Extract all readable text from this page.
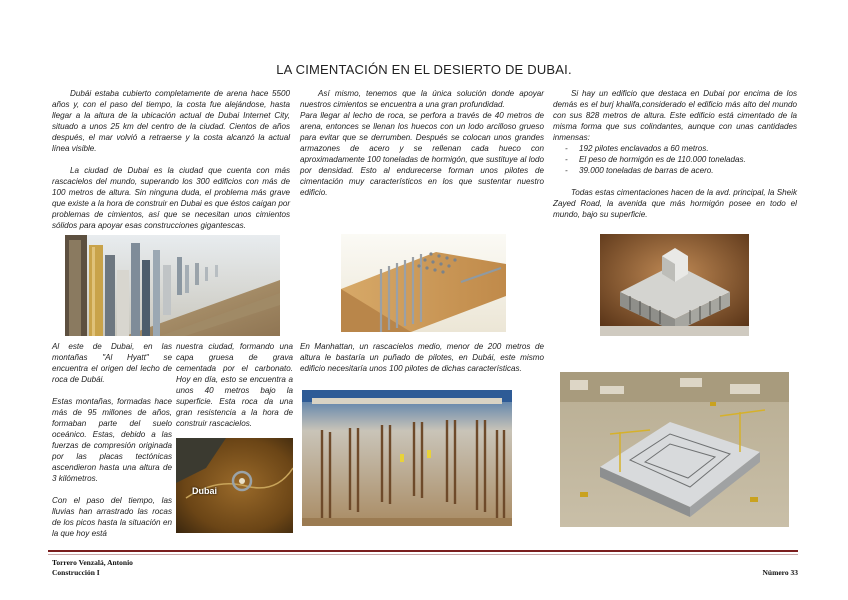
LA CIMENTACIÓN EN EL DESIERTO DE DUBAI.

Dubái estaba cubierto completamente de arena hace 5500 años y, con el paso del tiempo, la costa fue alejándose, hasta llegar a la altura de la ubicación actual de Dubai Internet City, situado a unos 25 km del centro de la ciudad. Cientos de años después, el mar volvió a retraerse y la costa alcanzó la actual línea visible.

La ciudad de Dubai es la ciudad que cuenta con más rascacielos del mundo, superando los 300 edificios con más de 100 metros de altura. Sin ninguna duda, el problema más grave que existe a la hora de construir en Dubai es que éstos caigan por problemas de cimientos, así que se necesitan unos cimientos sólidos para apoyar esas construcciones gigantescas.

Así mismo, tenemos que la única solución donde apoyar nuestros cimientos se encuentra a una gran profundidad.

Para llegar al lecho de roca, se perfora a través de 40 metros de arena, entonces se llenan los huecos con un lodo arcilloso grueso para evitar que se derrumben. Después se colocan unos grandes armazones de acero y se rellenan cada hueco con aproximadamente 100 toneladas de hormigón, que sustituye al lodo por densidad. Esto al endurecerse forman unos pilotes de cimentación muy característicos en los que sustentar nuestro edificio.

Si hay un edificio que destaca en Dubai por encima de los demás es el burj khalifa,considerado el edificio más alto del mundo con sus 828 metros de altura. Este edificio está cimentado de la misma forma que sus colindantes, aunque con unas cantidades inmensas:

- 192 pilotes enclavados a 60 metros.
- El peso de hormigón es de 110.000 toneladas.
- 39.000 toneladas de barras de acero.

Todas estas cimentaciones hacen de la avd. principal, la Sheik Zayed Road, la avenida que más hormigón posee en todo el mundo, bajo su superficie.

Al este de Dubai, en las montañas "Al Hyatt" se encuentra el origen del lecho de roca de Dubái.

Estas montañas, formadas hace más de 95 millones de años, formaban parte del suelo oceánico. Estas, debido a las fuerzas de compresión originada por las placas tectónicas ascendieron hasta una altura de 3 kilómetros.

Con el paso del tiempo, las lluvias han arrastrado las rocas de los picos hasta la situación en la que hoy está

nuestra ciudad, formando una capa gruesa de grava cementada por el carbonato. Hoy en día, esto se encuentra a unos 40 metros bajo la superficie. Esta roca da una gran resistencia a la hora de construir rascacielos.

Dubai

En Manhattan, un rascacielos medio, menor de 200 metros de altura le bastaría un puñado de pilotes, en Dubái, este mismo edificio necesitaría unos 100 pilotes de dichas características.

Torrero Venzalá, Antonio
Construcción I	Número 33
